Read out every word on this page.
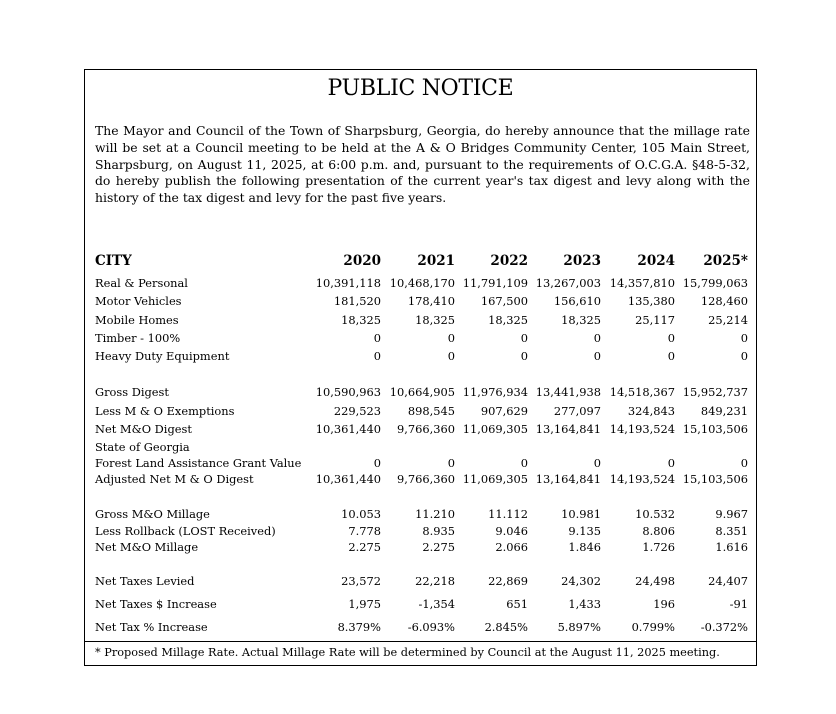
PUBLIC NOTICE
The Mayor and Council of the Town of Sharpsburg, Georgia, do hereby announce that the millage rate will be set at a Council meeting to be held at the A & O Bridges Community Center, 105 Main Street, Sharpsburg, on August 11, 2025, at 6:00 p.m. and, pursuant to the requirements of O.C.G.A. §48-5-32, do hereby publish the following presentation of the current year's tax digest and levy along with the history of the tax digest and levy for the past five years.
CITY	2020	2021	2022	2023	2024	2025*
Real & Personal	10,391,118 10,468,170 11,791,109 13,267,003 14,357,810 15,799,063
Motor Vehicles	181,520	178,410	167,500	156,610	135,380	128,460
Mobile Homes	18,325	18,325	18,325	18,325	25,117	25,214
Timber - 100%	0	0	0	0	0	0
Heavy Duty Equipment	0	0	0	0	0	0
Gross Digest	10,590,963 10,664,905 11,976,934 13,441,938 14,518,367 15,952,737
Less M & O Exemptions	229,523	898,545	907,629	277,097	324,843	849,231
Net M&O Digest	10,361,440	9,766,360 11,069,305 13,164,841 14,193,524 15,103,506
State of Georgia
Forest Land Assistance Grant Value	0	0	0	0	0	0
Adjusted Net M & O Digest	10,361,440	9,766,360 11,069,305 13,164,841 14,193,524 15,103,506
Gross M&O Millage	10.053	11.210	11.112	10.981	10.532	9.967
Less Rollback (LOST Received)	7.778	8.935	9.046	9.135	8.806	8.351
Net M&O Millage	2.275	2.275	2.066	1.846	1.726	1.616
Net Taxes Levied	23,572	22,218	22,869	24,302	24,498	24,407
Net Taxes $ Increase	1,975	-1,354	651	1,433	196	-91
Net Tax % Increase	8.379%	-6.093%	2.845%	5.897%	0.799%	-0.372%
* Proposed Millage Rate. Actual Millage Rate will be determined by Council at the August 11, 2025 meeting.
